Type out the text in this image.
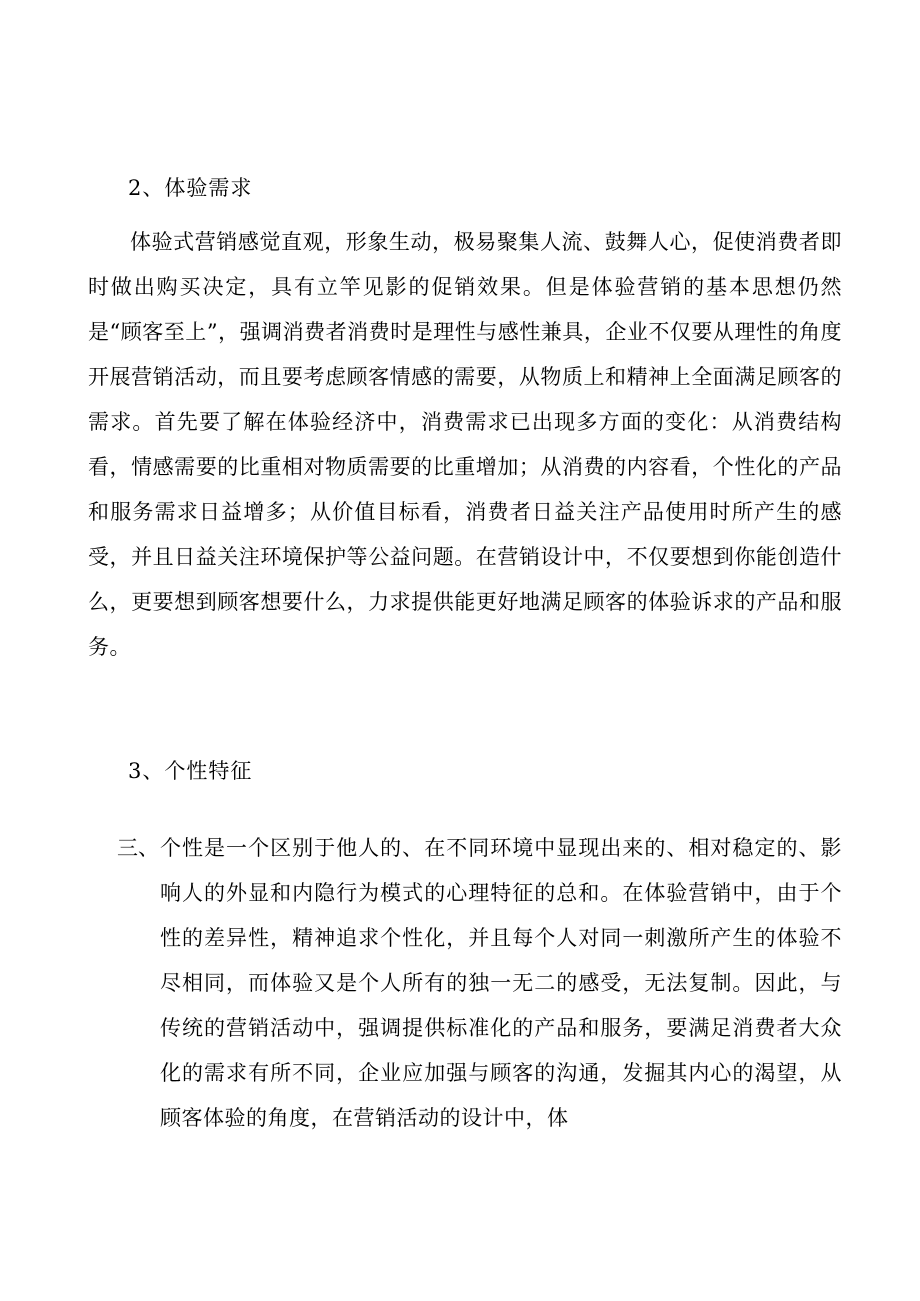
2、体验需求
体验式营销感觉直观，形象生动，极易聚集人流、鼓舞人心，促使消费者即时做出购买决定，具有立竿见影的促销效果。但是体验营销的基本思想仍然是“顾客至上”，强调消费者消费时是理性与感性兼具，企业不仅要从理性的角度开展营销活动，而且要考虑顾客情感的需要，从物质上和精神上全面满足顾客的需求。首先要了解在体验经济中，消费需求已出现多方面的变化：从消费结构看，情感需要的比重相对物质需要的比重增加；从消费的内容看，个性化的产品和服务需求日益增多；从价值目标看，消费者日益关注产品使用时所产生的感受，并且日益关注环境保护等公益问题。在营销设计中，不仅要想到你能创造什么，更要想到顾客想要什么，力求提供能更好地满足顾客的体验诉求的产品和服务。
3、个性特征
三、 个性是一个区别于他人的、在不同环境中显现出来的、相对稳定的、影响人的外显和内隐行为模式的心理特征的总和。在体验营销中，由于个性的差异性，精神追求个性化，并且每个人对同一刺激所产生的体验不尽相同，而体验又是个人所有的独一无二的感受，无法复制。因此，与传统的营销活动中，强调提供标准化的产品和服务，要满足消费者大众化的需求有所不同，企业应加强与顾客的沟通，发掘其内心的渴望，从顾客体验的角度，在营销活动的设计中，体
